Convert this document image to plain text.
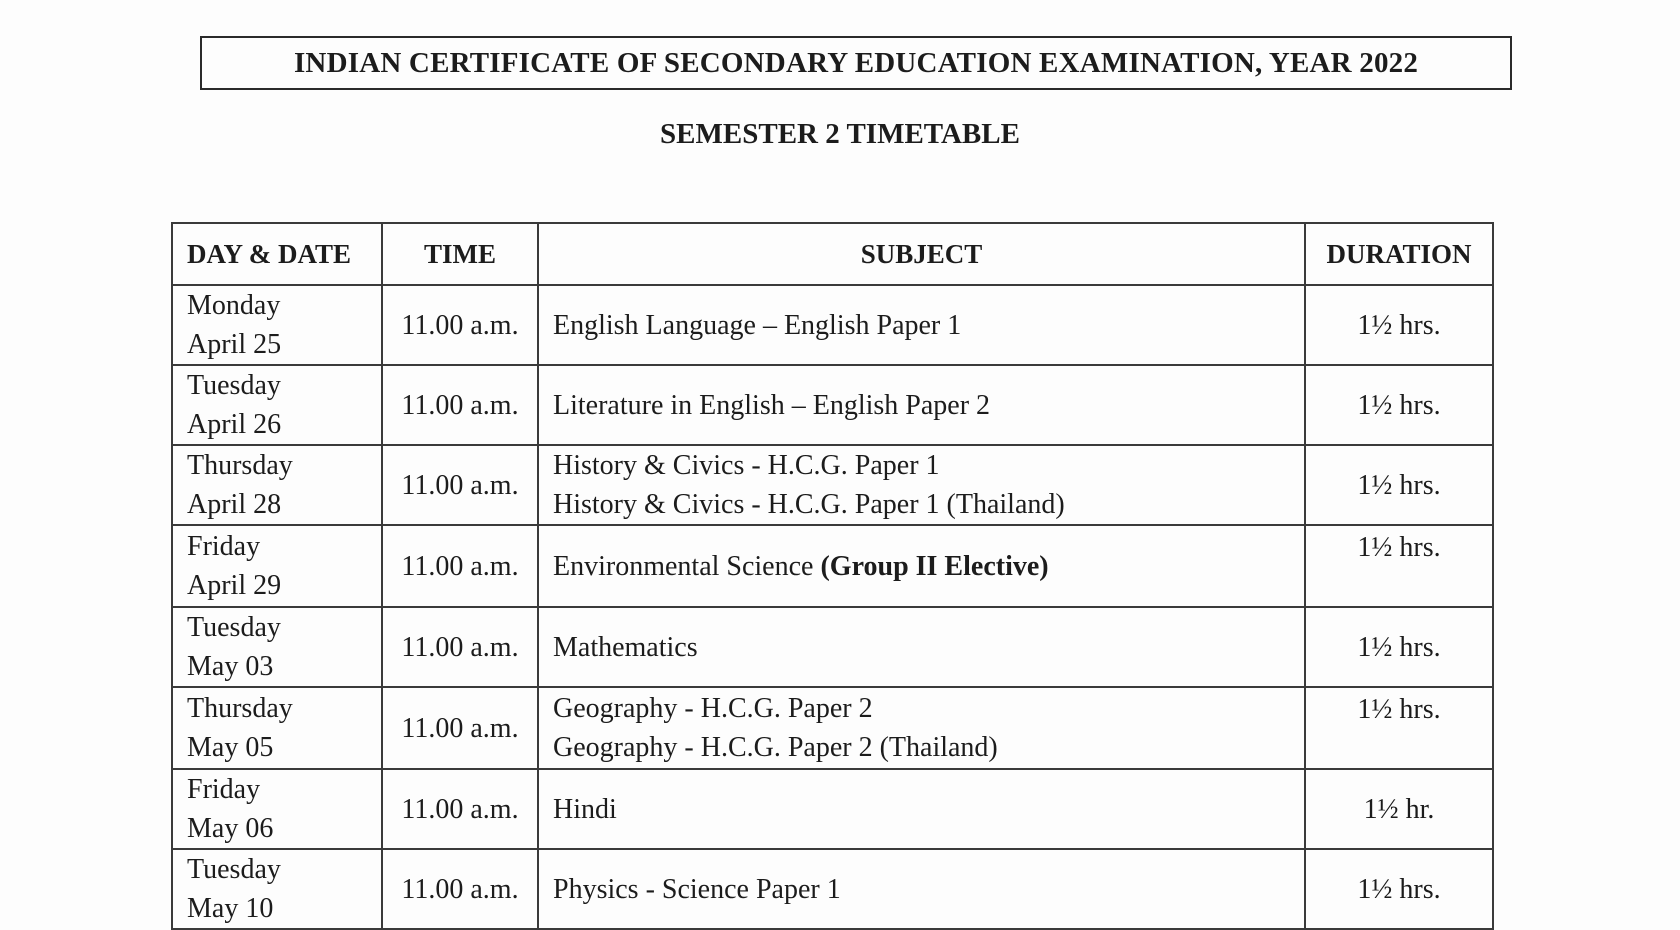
INDIAN CERTIFICATE OF SECONDARY EDUCATION EXAMINATION, YEAR 2022
SEMESTER 2 TIMETABLE
DAY & DATE	TIME	SUBJECT	DURATION

Monday
April 25	11.00 a.m.	English Language – English Paper 1	1½ hrs.

Tuesday
April 26	11.00 a.m.	Literature in English – English Paper 2	1½ hrs.

Thursday
April 28	11.00 a.m.	History & Civics - H.C.G. Paper 1
History & Civics - H.C.G. Paper 1 (Thailand)	1½ hrs.

Friday
April 29	11.00 a.m.	Environmental Science (Group II Elective)	1½ hrs.

Tuesday
May 03	11.00 a.m.	Mathematics	1½ hrs.

Thursday
May 05	11.00 a.m.	Geography - H.C.G. Paper 2
Geography - H.C.G. Paper 2 (Thailand)	1½ hrs.

Friday
May 06	11.00 a.m.	Hindi	1½ hr.

Tuesday
May 10	11.00 a.m.	Physics - Science Paper 1	1½ hrs.
